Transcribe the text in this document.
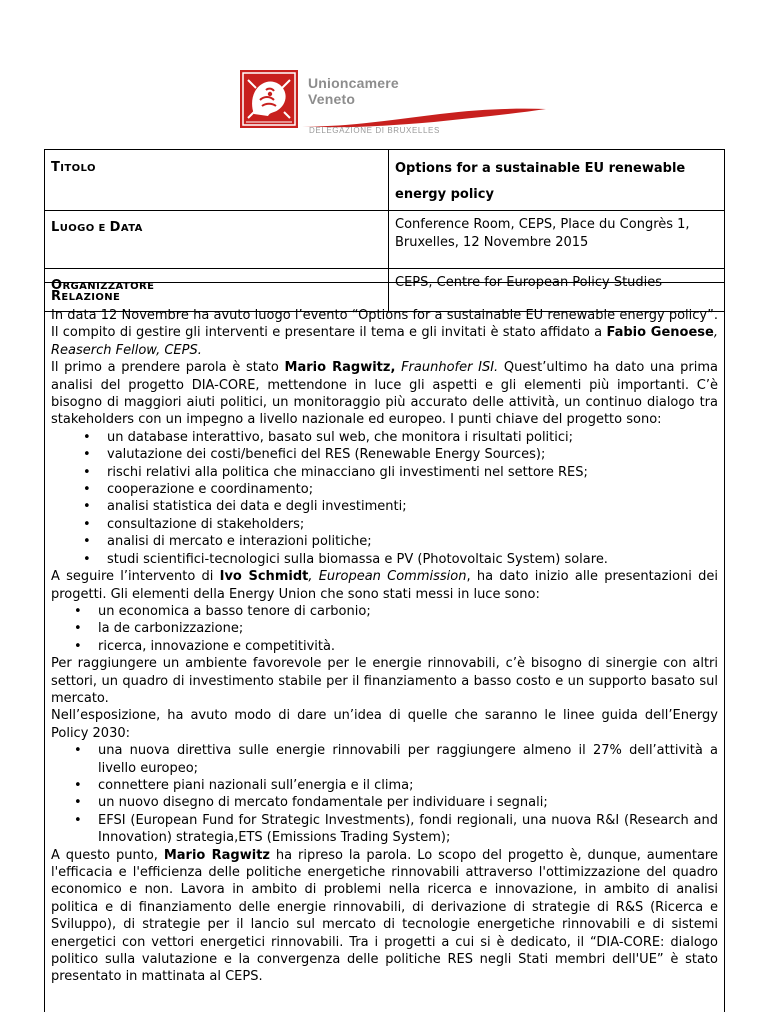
Unioncamere
Veneto
DELEGAZIONE DI BRUXELLES
TITOLO	Options for a sustainable EU renewable energy policy
LUOGO E DATA	Conference Room, CEPS, Place du Congrès 1, Bruxelles, 12 Novembre 2015
ORGANIZZATORE	CEPS, Centre for European Policy Studies
RELAZIONE

In data 12 Novembre ha avuto luogo l’evento “Options for a sustainable EU renewable energy policy”. Il compito di gestire gli interventi e presentare il tema e gli invitati è stato affidato a Fabio Genoese, Reaserch Fellow, CEPS.

Il primo a prendere parola è stato Mario Ragwitz, Fraunhofer ISI. Quest’ultimo ha dato una prima analisi del progetto DIA-CORE, mettendone in luce gli aspetti e gli elementi più importanti. C’è bisogno di maggiori aiuti politici, un monitoraggio più accurato delle attività, un continuo dialogo tra stakeholders con un impegno a livello nazionale ed europeo. I punti chiave del progetto sono:

• un database interattivo, basato sul web, che monitora i risultati politici;
• valutazione dei costi/benefici del RES (Renewable Energy Sources);
• rischi relativi alla politica che minacciano gli investimenti nel settore RES;
• cooperazione e coordinamento;
• analisi statistica dei data e degli investimenti;
• consultazione di stakeholders;
• analisi di mercato e interazioni politiche;
• studi scientifici-tecnologici sulla biomassa e PV (Photovoltaic System) solare.

A seguire l’intervento di Ivo Schmidt, European Commission, ha dato inizio alle presentazioni dei progetti. Gli elementi della Energy Union che sono stati messi in luce sono:

• un economica a basso tenore di carbonio;
• la de carbonizzazione;
• ricerca, innovazione e competitività.

Per raggiungere un ambiente favorevole per le energie rinnovabili, c’è bisogno di sinergie con altri settori, un quadro di investimento stabile per il finanziamento a basso costo e un supporto basato sul mercato.

Nell’esposizione, ha avuto modo di dare un’idea di quelle che saranno le linee guida dell’Energy Policy 2030:

• una nuova direttiva sulle energie rinnovabili per raggiungere almeno il 27% dell’attività a livello europeo;
• connettere piani nazionali sull’energia e il clima;
• un nuovo disegno di mercato fondamentale per individuare i segnali;
• EFSI (European Fund for Strategic Investments), fondi regionali, una nuova R&I (Research and Innovation) strategia,ETS (Emissions Trading System);

A questo punto, Mario Ragwitz ha ripreso la parola. Lo scopo del progetto è, dunque, aumentare l'efficacia e l'efficienza delle politiche energetiche rinnovabili attraverso l'ottimizzazione del quadro economico e non. Lavora in ambito di problemi nella ricerca e innovazione, in ambito di analisi politica e di finanziamento delle energie rinnovabili, di derivazione di strategie di R&S (Ricerca e Sviluppo), di strategie per il lancio sul mercato di tecnologie energetiche rinnovabili e di sistemi energetici con vettori energetici rinnovabili. Tra i progetti a cui si è dedicato, il “DIA-CORE: dialogo politico sulla valutazione e la convergenza delle politiche RES negli Stati membri dell'UE” è stato presentato in mattinata al CEPS.
